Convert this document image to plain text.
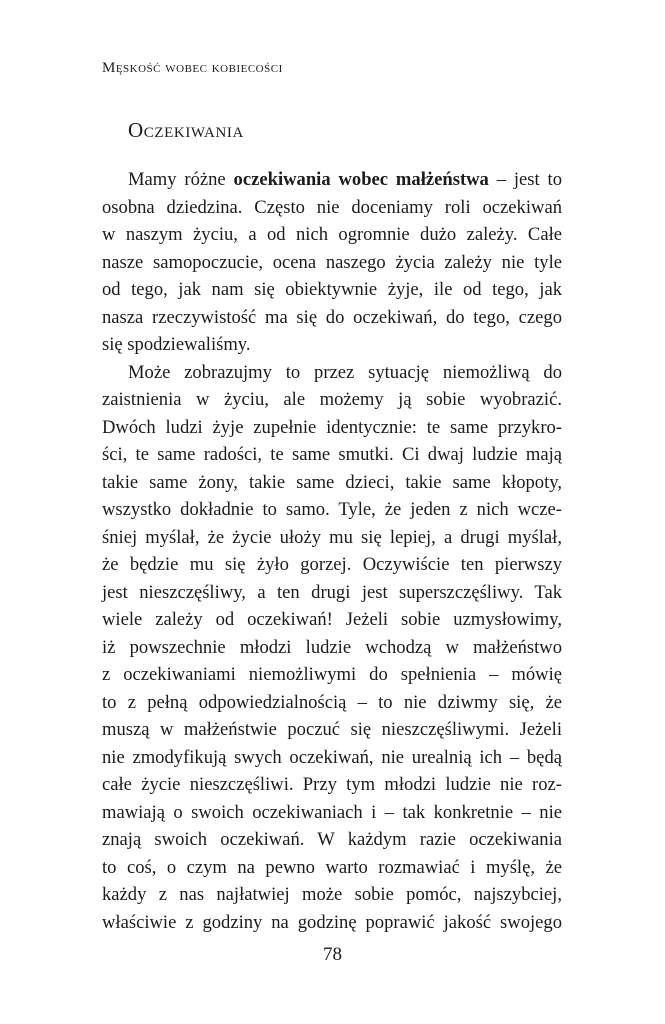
Męskość wobec kobiecości
Oczekiwania
Mamy różne oczekiwania wobec małżeństwa – jest to
osobna dziedzina. Często nie doceniamy roli oczekiwań
w naszym życiu, a od nich ogromnie dużo zależy. Całe
nasze samopoczucie, ocena naszego życia zależy nie tyle
od tego, jak nam się obiektywnie żyje, ile od tego, jak
nasza rzeczywistość ma się do oczekiwań, do tego, czego
się spodziewaliśmy.
Może zobrazujmy to przez sytuację niemożliwą do
zaistnienia w życiu, ale możemy ją sobie wyobrazić.
Dwóch ludzi żyje zupełnie identycznie: te same przykro-
ści, te same radości, te same smutki. Ci dwaj ludzie mają
takie same żony, takie same dzieci, takie same kłopoty,
wszystko dokładnie to samo. Tyle, że jeden z nich wcze-
śniej myślał, że życie ułoży mu się lepiej, a drugi myślał,
że będzie mu się żyło gorzej. Oczywiście ten pierwszy
jest nieszczęśliwy, a ten drugi jest superszczęśliwy. Tak
wiele zależy od oczekiwań! Jeżeli sobie uzmysłowimy,
iż powszechnie młodzi ludzie wchodzą w małżeństwo
z oczekiwaniami niemożliwymi do spełnienia – mówię
to z pełną odpowiedzialnością – to nie dziwmy się, że
muszą w małżeństwie poczuć się nieszczęśliwymi. Jeżeli
nie zmodyfikują swych oczekiwań, nie urealnią ich – będą
całe życie nieszczęśliwi. Przy tym młodzi ludzie nie roz-
mawiają o swoich oczekiwaniach i – tak konkretnie – nie
znają swoich oczekiwań. W każdym razie oczekiwania
to coś, o czym na pewno warto rozmawiać i myślę, że
każdy z nas najłatwiej może sobie pomóc, najszybciej,
właściwie z godziny na godzinę poprawić jakość swojego
78
